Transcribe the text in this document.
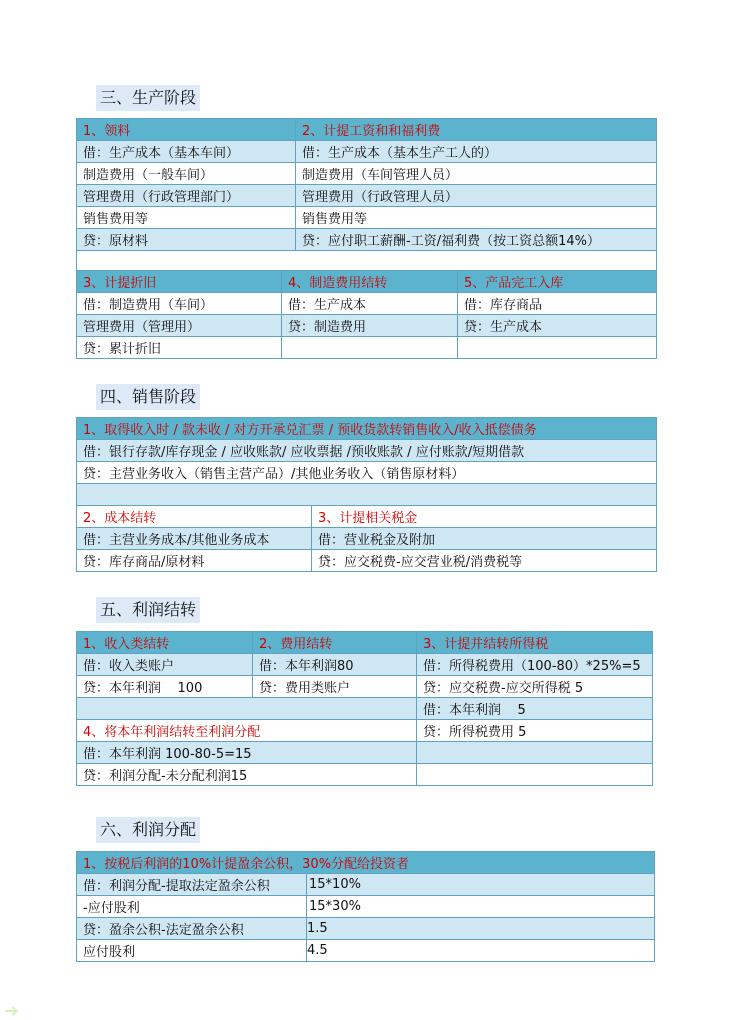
三、生产阶段
1、领料	2、计提工资和和福利费
借：生产成本（基本车间）	借：生产成本（基本生产工人的）
制造费用（一般车间）	制造费用（车间管理人员）
管理费用（行政管理部门）	管理费用（行政管理人员）
销售费用等	销售费用等
贷：原材料	贷：应付职工薪酬-工资/福利费（按工资总额14%）

3、计提折旧	4、制造费用结转	5、产品完工入库
借：制造费用（车间）	借：生产成本	借：库存商品
管理费用（管理用）	贷：制造费用	贷：生产成本
贷：累计折旧		
四、销售阶段
1、取得收入时 / 款未收 / 对方开承兑汇票 / 预收货款转销售收入/收入抵偿债务	
借：银行存款/库存现金 / 应收账款/ 应收票据 /预收账款 / 应付账款/短期借款	
贷：主营业务收入（销售主营产品）/其他业务收入（销售原材料）	

2、成本结转	3、计提相关税金
借：主营业务成本/其他业务成本	借：营业税金及附加
贷：库存商品/原材料	贷：应交税费-应交营业税/消费税等
五、利润结转
1、收入类结转	2、费用结转	3、计提并结转所得税
借：收入类账户	借：本年利润80	借：所得税费用（100-80）*25%=5
贷：本年利润    100	贷：费用类账户	贷：应交税费-应交所得税 5
		借：本年利润    5
4、将本年利润结转至利润分配		贷：所得税费用 5
借：本年利润 100-80-5=15		
贷：利润分配-未分配利润15		
六、利润分配
1、按税后利润的10%计提盈余公积，30%分配给投资者	
借：利润分配-提取法定盈余公积	15*10%
-应付股利	15*30%
贷：盈余公积-法定盈余公积	1.5
应付股利	4.5
